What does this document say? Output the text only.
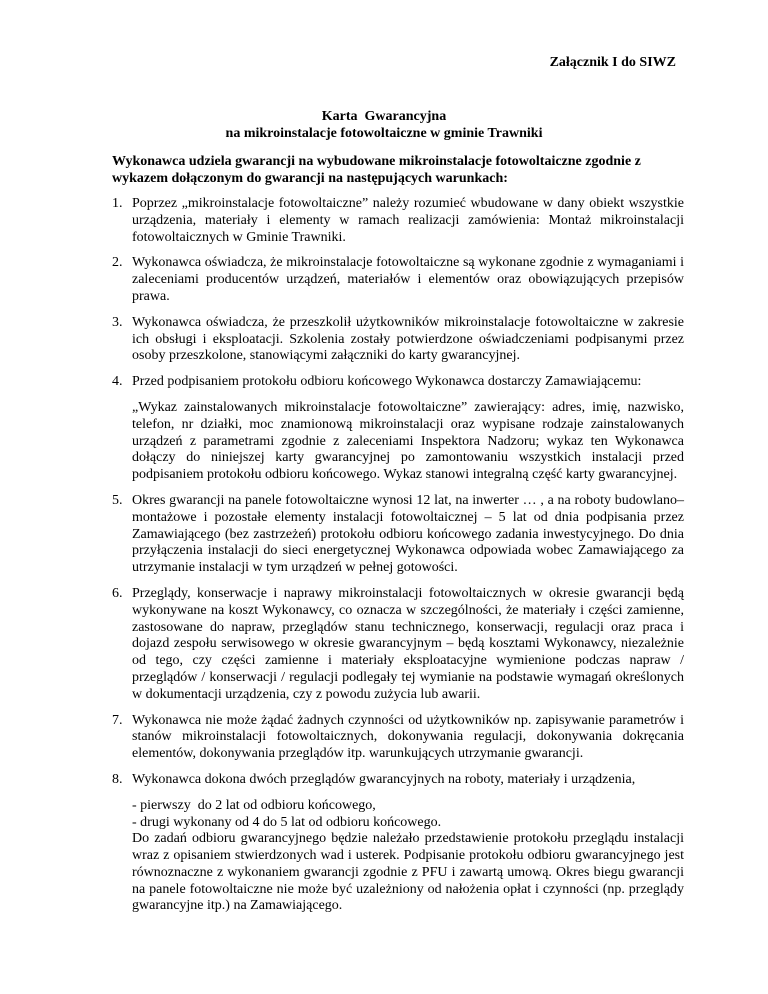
Załącznik I do SIWZ
Karta  Gwarancyjna
na mikroinstalacje fotowoltaiczne w gminie Trawniki
Wykonawca udziela gwarancji na wybudowane mikroinstalacje fotowoltaiczne zgodnie z wykazem dołączonym do gwarancji na następujących warunkach:
1. Poprzez „mikroinstalacje fotowoltaiczne” należy rozumieć wbudowane w dany obiekt wszystkie urządzenia, materiały i elementy w ramach realizacji zamówienia: Montaż mikroinstalacji fotowoltaicznych w Gminie Trawniki.
2. Wykonawca oświadcza, że mikroinstalacje fotowoltaiczne są wykonane zgodnie z wymaganiami i zaleceniami producentów urządzeń, materiałów i elementów oraz obowiązujących przepisów prawa.
3. Wykonawca oświadcza, że przeszkolił użytkowników mikroinstalacje fotowoltaiczne w zakresie ich obsługi i eksploatacji. Szkolenia zostały potwierdzone oświadczeniami podpisanymi przez osoby przeszkolone, stanowiącymi załączniki do karty gwarancyjnej.
4. Przed podpisaniem protokołu odbioru końcowego Wykonawca dostarczy Zamawiającemu:
„Wykaz zainstalowanych mikroinstalacje fotowoltaiczne” zawierający: adres, imię, nazwisko, telefon, nr działki, moc znamionową mikroinstalacji oraz wypisane rodzaje zainstalowanych urządzeń z parametrami zgodnie z zaleceniami Inspektora Nadzoru; wykaz ten Wykonawca dołączy do niniejszej karty gwarancyjnej po zamontowaniu wszystkich instalacji przed podpisaniem protokołu odbioru końcowego. Wykaz stanowi integralną część karty gwarancyjnej.
5. Okres gwarancji na panele fotowoltaiczne wynosi 12 lat, na inwerter … , a na roboty budowlano–montażowe i pozostałe elementy instalacji fotowoltaicznej – 5 lat od dnia podpisania przez Zamawiającego (bez zastrzeżeń) protokołu odbioru końcowego zadania inwestycyjnego. Do dnia przyłączenia instalacji do sieci energetycznej Wykonawca odpowiada wobec Zamawiającego za utrzymanie instalacji w tym urządzeń w pełnej gotowości.
6. Przeglądy, konserwacje i naprawy mikroinstalacji fotowoltaicznych w okresie gwarancji będą wykonywane na koszt Wykonawcy, co oznacza w szczególności, że materiały i części zamienne, zastosowane do napraw, przeglądów stanu technicznego, konserwacji, regulacji oraz praca i dojazd zespołu serwisowego w okresie gwarancyjnym – będą kosztami Wykonawcy, niezależnie od tego, czy części zamienne i materiały eksploatacyjne wymienione podczas napraw / przeglądów / konserwacji / regulacji podlegały tej wymianie na podstawie wymagań określonych w dokumentacji urządzenia, czy z powodu zużycia lub awarii.
7. Wykonawca nie może żądać żadnych czynności od użytkowników np. zapisywanie parametrów i stanów mikroinstalacji fotowoltaicznych, dokonywania regulacji, dokonywania dokręcania elementów, dokonywania przeglądów itp. warunkujących utrzymanie gwarancji.
8. Wykonawca dokona dwóch przeglądów gwarancyjnych na roboty, materiały i urządzenia,
- pierwszy  do 2 lat od odbioru końcowego,
- drugi wykonany od 4 do 5 lat od odbioru końcowego.
Do zadań odbioru gwarancyjnego będzie należało przedstawienie protokołu przeglądu instalacji wraz z opisaniem stwierdzonych wad i usterek. Podpisanie protokołu odbioru gwarancyjnego jest równoznaczne z wykonaniem gwarancji zgodnie z PFU i zawartą umową. Okres biegu gwarancji na panele fotowoltaiczne nie może być uzależniony od nałożenia opłat i czynności (np. przeglądy gwarancyjne itp.) na Zamawiającego.
